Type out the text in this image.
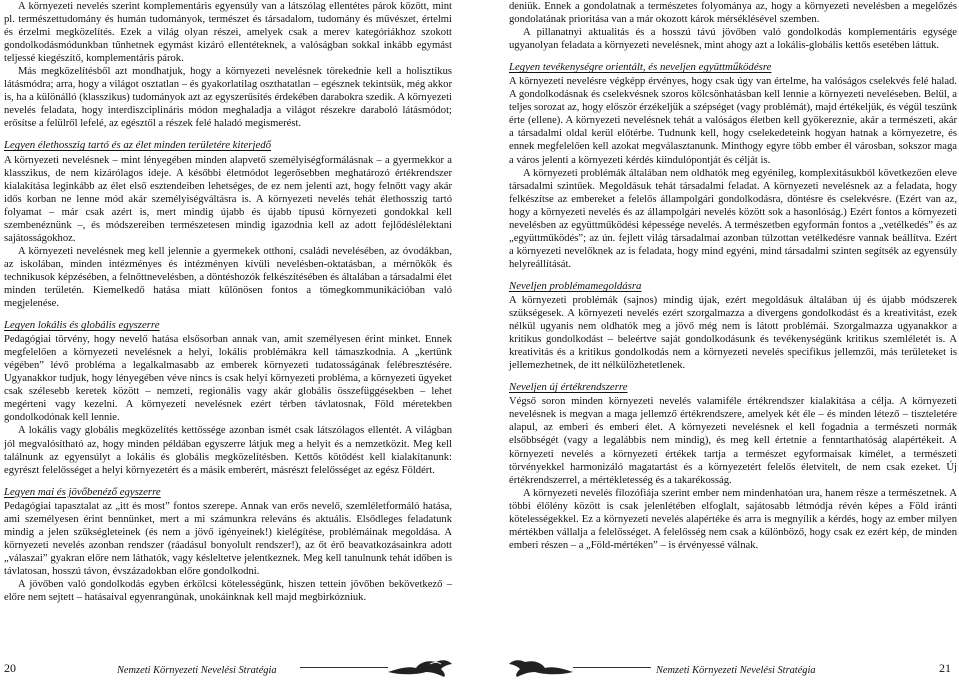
A környezeti nevelés szerint komplementáris egyensúly van a látszólag ellentétes párok között, mint pl. természettudomány és humán tudományok, természet és társadalom, tudomány és művészet, értelmi és érzelmi megközelítés. Ezek a világ olyan részei, amelyek csak a merev kategóriákhoz szokott gondolkodásmódunkban tűnhetnek egymást kizáró ellentéteknek, a valóságban sokkal inkább egymást teljessé kiegészítő, komplementáris párok.

Más megközelítésből azt mondhatjuk, hogy a környezeti nevelésnek törekednie kell a holisztikus látásmódra; arra, hogy a világot osztatlan – és gyakorlatilag oszthatatlan – egésznek tekintsük, még akkor is, ha a különálló (klasszikus) tudományok azt az egyszerűsítés érdekében darabokra szedik. A környezeti nevelés feladata, hogy interdiszciplináris módon meghaladja a világot részekre daraboló látásmódot; erősítse a felülről lefelé, az egésztől a részek felé haladó megismerést.

Legyen élethosszig tartó és az élet minden területére kiterjedő

A környezeti nevelésnek – mint lényegében minden alapvető személyiségformálásnak – a gyermekkor a klasszikus, de nem kizárólagos ideje. A későbbi életmódot legerősebben meghatározó értékrendszer kialakítása leginkább az élet első esztendeiben lehetséges, de ez nem jelenti azt, hogy felnőtt vagy akár idős korban ne lenne mód akár személyiségváltásra is. A környezeti nevelés tehát élethosszig tartó folyamat – már csak azért is, mert mindig újabb és újabb típusú környezeti gondokkal kell szembenéznünk –, és módszereiben természetesen mindig igazodnia kell az adott fejlődéslélektani sajátosságokhoz.

A környezeti nevelésnek meg kell jelennie a gyermekek otthoni, családi nevelésében, az óvodákban, az iskolában, minden intézményes és intézményen kívüli nevelésben-oktatásban, a mérnökök és technikusok képzésében, a felnőttnevelésben, a döntéshozók felkészítésében és általában a társadalmi élet minden területén. Kiemelkedő hatása miatt különösen fontos a tömegkommunikációban való megjelenése.

Legyen lokális és globális egyszerre

Pedagógiai törvény, hogy nevelő hatása elsősorban annak van, amit személyesen érint minket. Ennek megfelelően a környezeti nevelésnek a helyi, lokális problémákra kell támaszkodnia. A „kertünk végében” lévő probléma a legalkalmasabb az emberek környezeti tudatosságának felébresztésére. Ugyanakkor tudjuk, hogy lényegében véve nincs is csak helyi környezeti probléma, a környezeti ügyeket csak szélesebb keretek között – nemzeti, regionális vagy akár globális összefüggésekben – lehet megérteni vagy kezelni. A környezeti nevelésnek ezért térben távlatosnak, Föld méretekben gondolkodónak kell lennie.

A lokális vagy globális megközelítés kettőssége azonban ismét csak látszólagos ellentét. A világban jól megvalósítható az, hogy minden példában egyszerre látjuk meg a helyit és a nemzetközit. Meg kell találnunk az egyensúlyt a lokális és globális megközelítésben. Kettős kötődést kell kialakítanunk: egyrészt felelősséget a helyi környezetért és a másik emberért, másrészt felelősséget az egész Földért.

Legyen mai és jövőbenéző egyszerre

Pedagógiai tapasztalat az „itt és most” fontos szerepe. Annak van erős nevelő, szemléletformáló hatása, ami személyesen érint bennünket, mert a mi számunkra releváns és aktuális. Elsődleges feladatunk mindig a jelen szükségleteinek (és nem a jövő igényeinek!) kielégítése, problémáinak megoldása. A környezeti nevelés azonban rendszer (ráadásul bonyolult rendszer!), az őt érő beavatkozásainkra adott „válaszai” gyakran előre nem láthatók, vagy késleltetve jelentkeznek. Meg kell tanulnunk tehát időben is távlatosan, hosszú távon, évszázadokban előre gondolkodni.

A jövőben való gondolkodás egyben érkölcsi kötelességünk, hiszen tettein jövőben bekövetkező – előre nem sejtett – hatásaival egyenrangúnak, unokáinknak kell majd megbirkózniuk.

20	Nemzeti Környezeti Nevelési Stratégia

deniük. Ennek a gondolatnak a természetes folyománya az, hogy a környezeti nevelésben a megelőzés gondolatának prioritása van a már okozott károk mérséklésével szemben.

A pillanatnyi aktualitás és a hosszú távú jövőben való gondolkodás komplementáris egysége ugyanolyan feladata a környezeti nevelésnek, mint ahogy azt a lokális-globális kettős esetében láttuk.

Legyen tevékenységre orientált, és neveljen együttműködésre

A környezeti nevelésre végképp érvényes, hogy csak úgy van értelme, ha valóságos cselekvés felé halad. A gondolkodásnak és cselekvésnek szoros kölcsönhatásban kell lennie a környezeti neveléseben. Belül, a teljes sorozat az, hogy először érzékeljük a szépséget (vagy problémát), majd értékeljük, és végül teszünk érte (ellene). A környezeti nevelésnek tehát a valóságos életben kell gyökereznie, akár a természeti, akár a társadalmi oldal kerül előtérbe. Tudnunk kell, hogy cselekedeteink hogyan hatnak a környezetre, és ennek megfelelően kell azokat megválasztanunk. Minthogy egyre több ember él városban, sokszor maga a város jelenti a környezeti kérdés kiindulópontját és célját is.

A környezeti problémák általában nem oldhatók meg egyénileg, komplexitásukból következően eleve társadalmi szintűek. Megoldásuk tehát társadalmi feladat. A környezeti nevelésnek az a feladata, hogy felkészítse az embereket a felelős állampolgári gondolkodásra, döntésre és cselekvésre. (Ezért van az, hogy a környezeti nevelés és az állampolgári nevelés között sok a hasonlóság.) Ezért fontos a környezeti nevelésben az együttműködési képessége nevelés. A természetben egyformán fontos a „vetélkedés” és az „együttműködés”; az ún. fejlett világ társadalmai azonban túlzottan vetélkedésre vannak beállítva. Ezért a környezeti nevelőknek az is feladata, hogy mind egyéni, mind társadalmi szinten segítsék az egyensúly helyreállítását.

Neveljen problémamegoldásra

A környezeti problémák (sajnos) mindig újak, ezért megoldásuk általában új és újabb módszerek szükségesek. A környezeti nevelés ezért szorgalmazza a divergens gondolkodást és a kreativitást, ezek nélkül ugyanis nem oldhatók meg a jövő még nem is látott problémái. Szorgalmazza ugyanakkor a kritikus gondolkodást – beleértve saját gondolkodásunk és tevékenységünk kritikus szemléletét is. A kreativitás és a kritikus gondolkodás nem a környezeti nevelés specifikus jellemzői, más területeket is jellemezhetnek, de itt nélkülözhetetlenek.

Neveljen új értékrendszerre

Végső soron minden környezeti nevelés valamiféle értékrendszer kialakítása a célja. A környezeti nevelésnek is megvan a maga jellemző értékrendszere, amelyek két éle – és minden létező – tiszteletére alapul, az emberi és emberi élet. A környezeti nevelésnek el kell fogadnia a természeti normák elsőbbségét (vagy a legalábbis nem mindig), és meg kell értetnie a fenntarthatóság alapértékeit. A környezeti nevelés a környezeti értékek tartja a természet egyformaisak kímélet, a természeti törvényekkel harmonizáló magatartást és a környezetért felelős életvitelt, de nem csak ezeket. Új értékrendszerrel, a mértékletesség és a takarékosság.

A környezeti nevelés filozófiája szerint ember nem mindenhatóan ura, hanem része a természetnek. A többi élőlény között is csak jelenlétében elfoglalt, sajátosabb létmódja révén képes a Föld iránti kötelességekkel. Ez a környezeti nevelés alapértéke és arra is megnyílik a kérdés, hogy az ember milyen mértékben vállalja a felelősséget. A felelősség nem csak a különböző, hogy csak ez ezért kép, de minden emberi részen – a „Föld-mértéken” – is érvényessé válnak.

Nemzeti Környezeti Nevelési Stratégia	21
